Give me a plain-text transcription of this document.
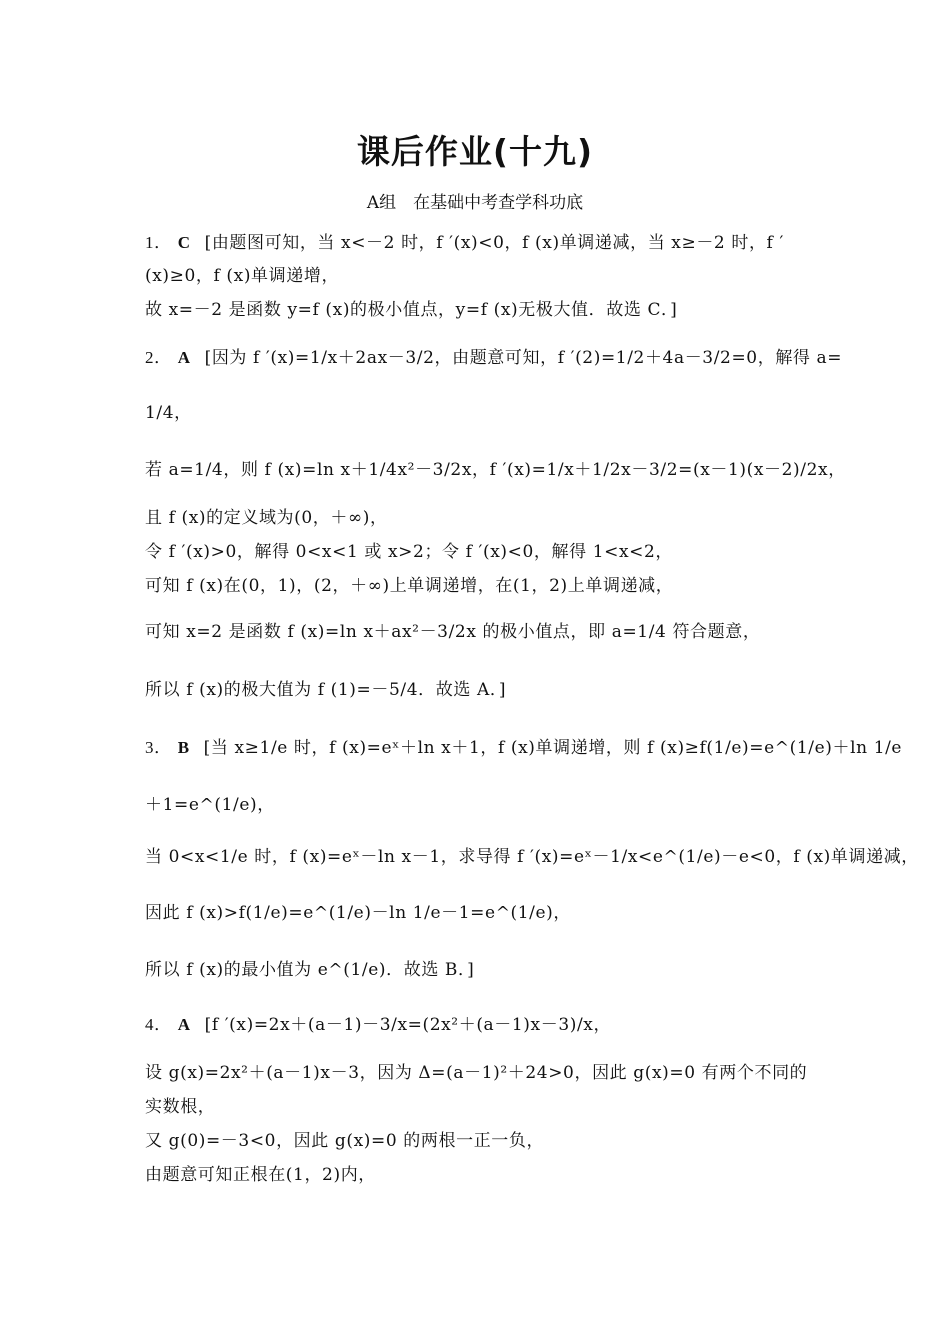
课后作业(十九)
A组　在基础中考查学科功底
1． C [由题图可知，当 x<－2 时，f ′(x)<0，f (x)单调递减，当 x≥－2 时，f ′
(x)≥0，f (x)单调递增，
故 x=－2 是函数 y=f (x)的极小值点，y=f (x)无极大值．故选 C．]
2． A [因为 f ′(x)=1/x＋2ax－3/2，由题意可知，f ′(2)=1/2＋4a－3/2=0，解得 a=
1/4，
若 a=1/4，则 f (x)=ln x＋1/4x²－3/2x，f ′(x)=1/x＋1/2x－3/2=(x－1)(x－2)/2x，
且 f (x)的定义域为(0，＋∞)，
令 f ′(x)>0，解得 0<x<1 或 x>2；令 f ′(x)<0，解得 1<x<2，
可知 f (x)在(0，1)，(2，＋∞)上单调递增，在(1，2)上单调递减，
可知 x=2 是函数 f (x)=ln x＋ax²－3/2x 的极小值点，即 a=1/4 符合题意，
所以 f (x)的极大值为 f (1)=－5/4．故选 A．]
3． B [当 x≥1/e 时，f (x)=eˣ＋ln x＋1，f (x)单调递增，则 f (x)≥f(1/e)=e^(1/e)＋ln 1/e
＋1=e^(1/e)，
当 0<x<1/e 时，f (x)=eˣ－ln x－1，求导得 f ′(x)=eˣ－1/x<e^(1/e)－e<0，f (x)单调递减，
因此 f (x)>f(1/e)=e^(1/e)－ln 1/e－1=e^(1/e)，
所以 f (x)的最小值为 e^(1/e)．故选 B．]
4． A [f ′(x)=2x＋(a－1)－3/x=(2x²＋(a－1)x－3)/x，
设 g(x)=2x²＋(a－1)x－3，因为 Δ=(a－1)²＋24>0，因此 g(x)=0 有两个不同的
实数根，
又 g(0)=－3<0，因此 g(x)=0 的两根一正一负，
由题意可知正根在(1，2)内，
